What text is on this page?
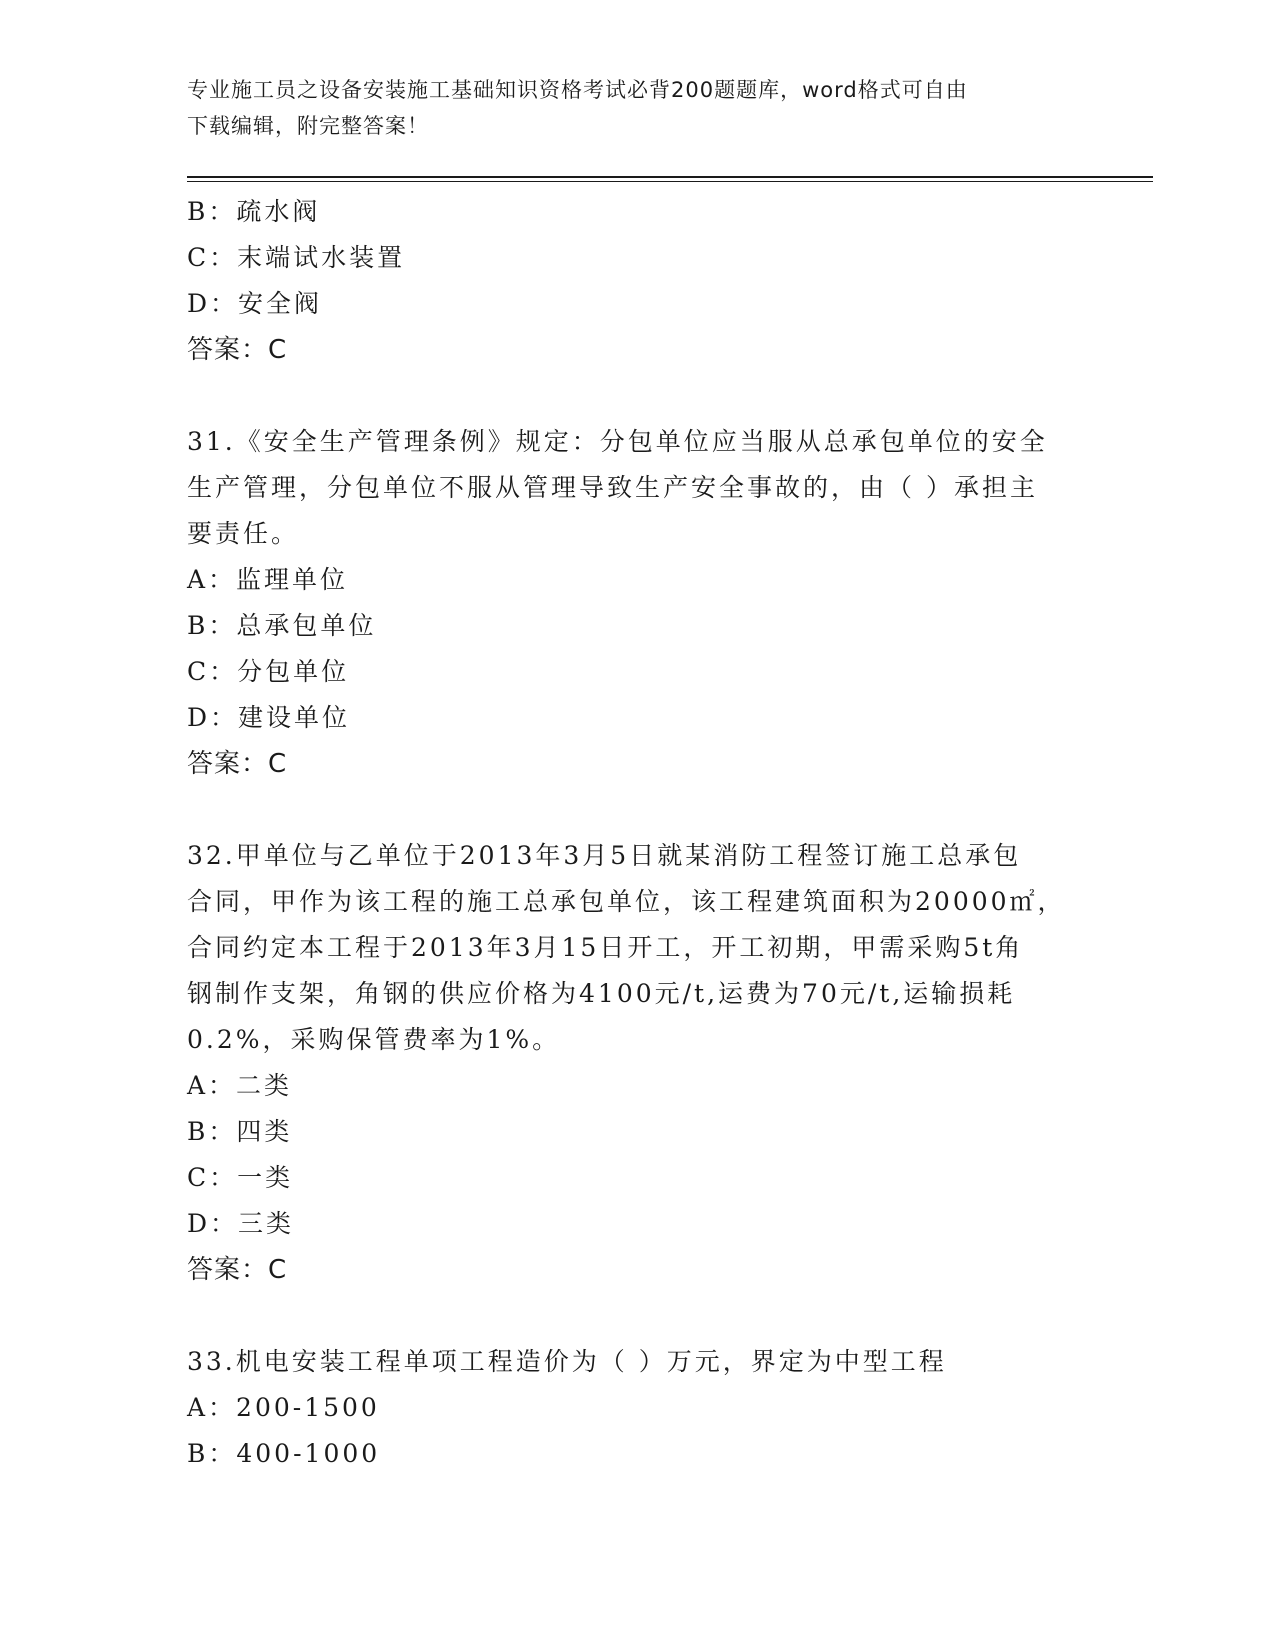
专业施工员之设备安装施工基础知识资格考试必背200题题库，word格式可自由
下载编辑，附完整答案！
B：疏水阀
C：末端试水装置
D：安全阀
答案：C
31.《安全生产管理条例》规定：分包单位应当服从总承包单位的安全
生产管理，分包单位不服从管理导致生产安全事故的，由（ ）承担主
要责任。
A：监理单位
B：总承包单位
C：分包单位
D：建设单位
答案：C
32.甲单位与乙单位于2013年3月5日就某消防工程签订施工总承包
合同，甲作为该工程的施工总承包单位，该工程建筑面积为20000㎡，
合同约定本工程于2013年3月15日开工，开工初期，甲需采购5t角
钢制作支架，角钢的供应价格为4100元/t,运费为70元/t,运输损耗
0.2%，采购保管费率为1%。
A：二类
B：四类
C：一类
D：三类
答案：C
33.机电安装工程单项工程造价为（ ）万元，界定为中型工程
A：200-1500
B：400-1000
